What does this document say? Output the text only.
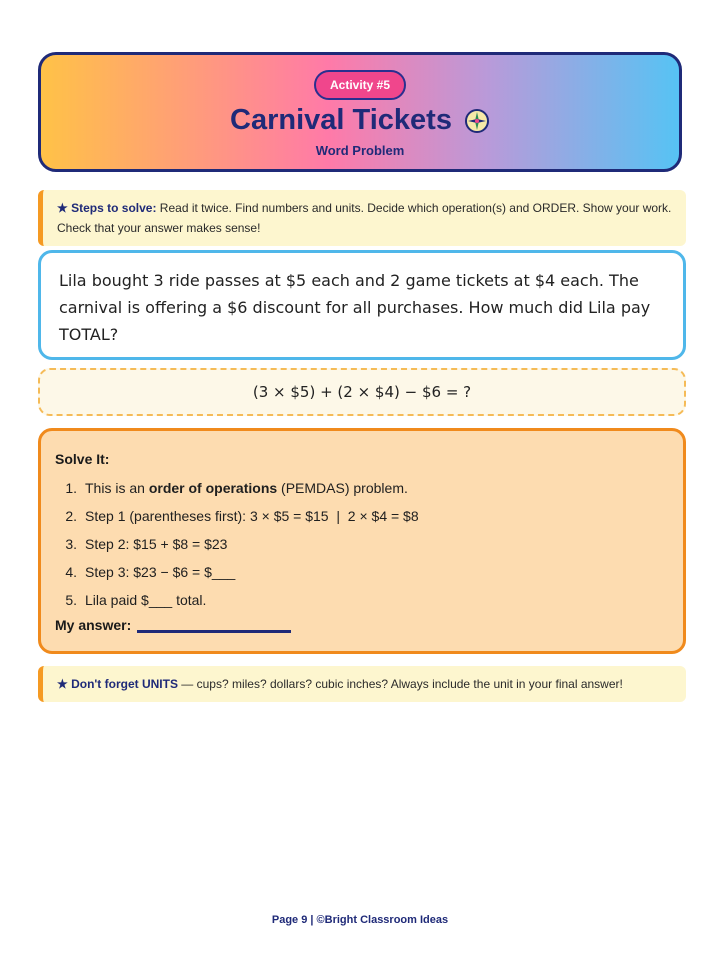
Activity #5
Carnival Tickets
Word Problem
★ Steps to solve: Read it twice. Find numbers and units. Decide which operation(s) and ORDER. Show your work. Check that your answer makes sense!
Lila bought 3 ride passes at $5 each and 2 game tickets at $4 each. The carnival is offering a $6 discount for all purchases. How much did Lila pay TOTAL?
(3 × $5) + (2 × $4) − $6 = ?
Solve It:
1. This is an order of operations (PEMDAS) problem.
2. Step 1 (parentheses first): 3 × $5 = $15  |  2 × $4 = $8
3. Step 2: $15 + $8 = $23
4. Step 3: $23 − $6 = $___
5. Lila paid $___ total.
My answer:
★ Don't forget UNITS — cups? miles? dollars? cubic inches? Always include the unit in your final answer!
Page 9 | ©Bright Classroom Ideas
